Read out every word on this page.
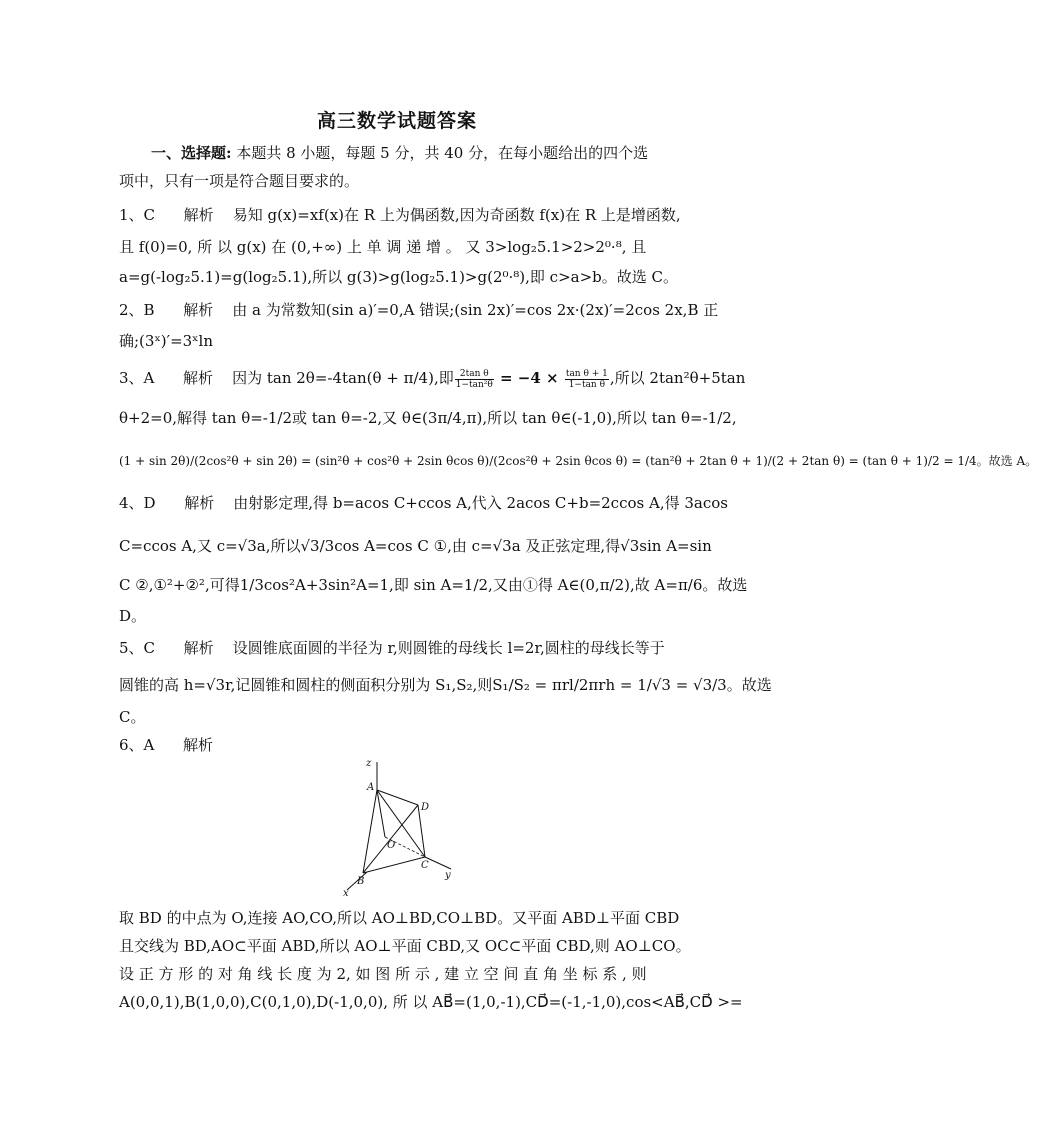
高三数学试题答案
一、选择题: 本题共 8 小题，每题 5 分，共 40 分，在每小题给出的四个选
项中，只有一项是符合题目要求的。
1、C 解析 易知 g(x)=xf(x)在 R 上为偶函数,因为奇函数 f(x)在 R 上是增函数,
且 f(0)=0, 所 以 g(x) 在 (0,+∞) 上 单 调 递 增 。 又 3>log₂5.1>2>2⁰·⁸, 且
a=g(-log₂5.1)=g(log₂5.1),所以 g(3)>g(log₂5.1)>g(2⁰·⁸),即 c>a>b。故选 C。
2、B 解析 由 a 为常数知(sin a)′=0,A 错误;(sin 2x)′=cos 2x·(2x)′=2cos 2x,B 正
确;(3ˣ)′=3ˣln
3、A 解析 因为 tan 2θ=-4tan(θ + π/4),即 $\frac{\text{2tan θ}}{\text{1−tan²θ}} = -4 \times \frac{\text{tan θ + 1}}{\text{1−tan θ}}$ ,所以 2tan²θ+5tan
θ+2=0,解得 tan θ=-1/2或 tan θ=-2,又 θ∈(3π/4,π),所以 tan θ∈(-1,0),所以 tan θ=-1/2,
(1 + sin 2θ)/(2cos²θ + sin 2θ) = (sin²θ + cos²θ + 2sin θcos θ)/(2cos²θ + 2sin θcos θ) = (tan²θ + 2tan θ + 1)/(2 + 2tan θ) = (tan θ + 1)/2 = 1/4。故选 A。
4、D 解析 由射影定理,得 b=acos C+ccos A,代入 2acos C+b=2ccos A,得 3acos
C=ccos A,又 c=√3a,所以√3/3cos A=cos C ①,由 c=√3a 及正弦定理,得√3sin A=sin
C ②,①²+②²,可得1/3cos²A+3sin²A=1,即 sin A=1/2,又由①得 A∈(0,π/2),故 A=π/6。故选
D。
5、C 解析 设圆锥底面圆的半径为 r,则圆锥的母线长 l=2r,圆柱的母线长等于
圆锥的高 h=√3r,记圆锥和圆柱的侧面积分别为 S₁,S₂,则S₁/S₂ = πrl/2πrh = 1/√3 = √3/3。故选
C。
6、A 解析
z
A
D
O
C
y
B
x
取 BD 的中点为 O,连接 AO,CO,所以 AO⊥BD,CO⊥BD。又平面 ABD⊥平面 CBD
且交线为 BD,AO⊂平面 ABD,所以 AO⊥平面 CBD,又 OC⊂平面 CBD,则 AO⊥CO。
设 正 方 形 的 对 角 线 长 度 为 2, 如 图 所 示 , 建 立 空 间 直 角 坐 标 系 , 则
A(0,0,1),B(1,0,0),C(0,1,0),D(-1,0,0), 所 以 AB⃗=(1,0,-1),CD⃗=(-1,-1,0),cos<AB⃗,CD⃗ >=
